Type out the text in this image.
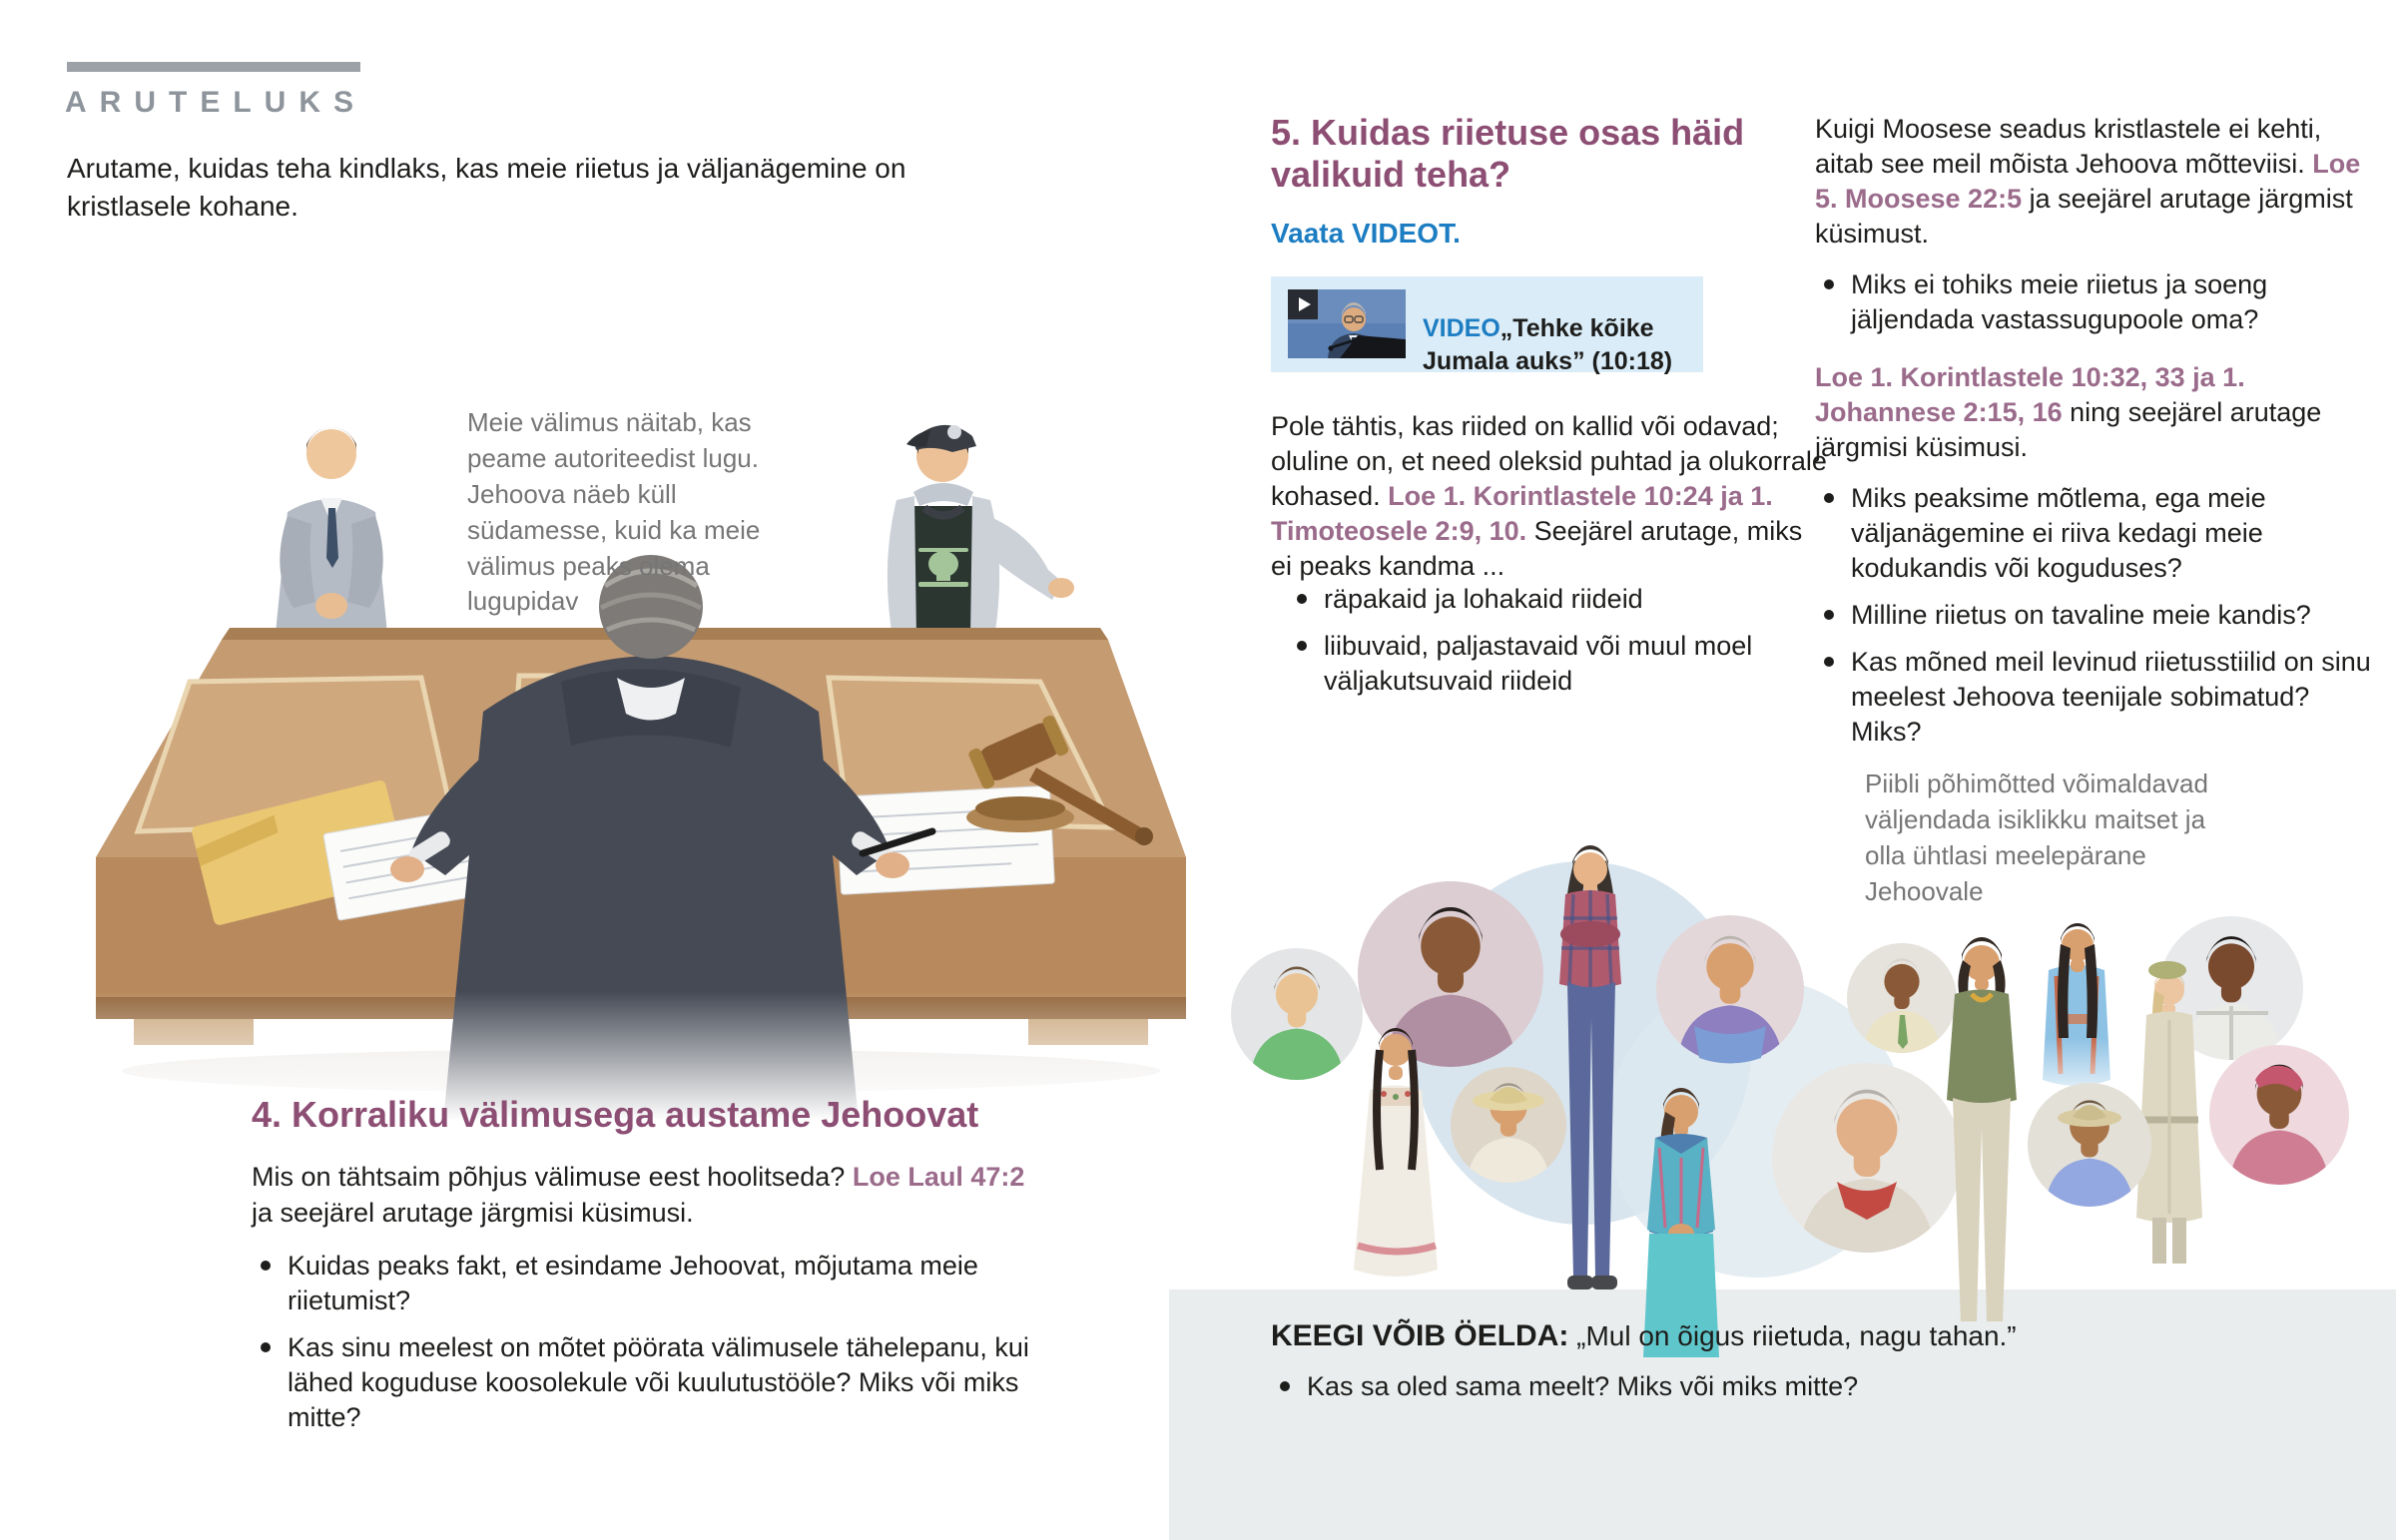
ARUTELUKS
Arutame, kuidas teha kindlaks, kas meie riietus ja väljanägemine on kristlasele kohane.
Meie välimus näitab, kas peame autoriteedist lugu. Jehoova näeb küll südamesse, kuid ka meie välimus peaks olema lugupidav
4. Korraliku välimusega austame Jehoovat

Mis on tähtsaim põhjus välimuse eest hoolitseda? Loe Laul 47:2 ja seejärel arutage järgmisi küsimusi.

Kuidas peaks fakt, et esindame Jehoovat, mõjutama meie riietumist?
Kas sinu meelest on mõtet pöörata välimusele tähelepanu, kui lähed koguduse koosolekule või kuulutustööle? Miks või miks mitte?
5. Kuidas riietuse osas häid valikuid teha?
Vaata VIDEOT.

VIDEO„Tehke kõike Jumala auks” (10:18)

Pole tähtis, kas riided on kallid või odavad; oluline on, et need oleksid puhtad ja olukorrale kohased. Loe 1. Korintlastele 10:24 ja 1. Timoteosele 2:9, 10. Seejärel arutage, miks ei peaks kandma ...
räpakaid ja lohakaid riideid
liibuvaid, paljastavaid või muul moel väljakutsuvaid riideid

Kuigi Moosese seadus kristlastele ei kehti, aitab see meil mõista Jehoova mõtteviisi. Loe 5. Moosese 22:5 ja seejärel arutage järgmist küsimust.

Miks ei tohiks meie riietus ja soeng jäljendada vastassugupoole oma?

Loe 1. Korintlastele 10:32, 33 ja 1. Johannese 2:15, 16 ning seejärel arutage järgmisi küsimusi.

Miks peaksime mõtlema, ega meie väljanägemine ei riiva kedagi meie kodukandis või koguduses?
Milline riietus on tavaline meie kandis?
Kas mõned meil levinud riietusstiilid on sinu meelest Jehoova teenijale sobimatud? Miks?
Piibli põhimõtted võimaldavad väljendada isiklikku maitset ja olla ühtlasi meelepärane Jehoovale

KEEGI VÕIB ÖELDA: „Mul on õigus riietuda, nagu tahan.”

Kas sa oled sama meelt? Miks või miks mitte?
